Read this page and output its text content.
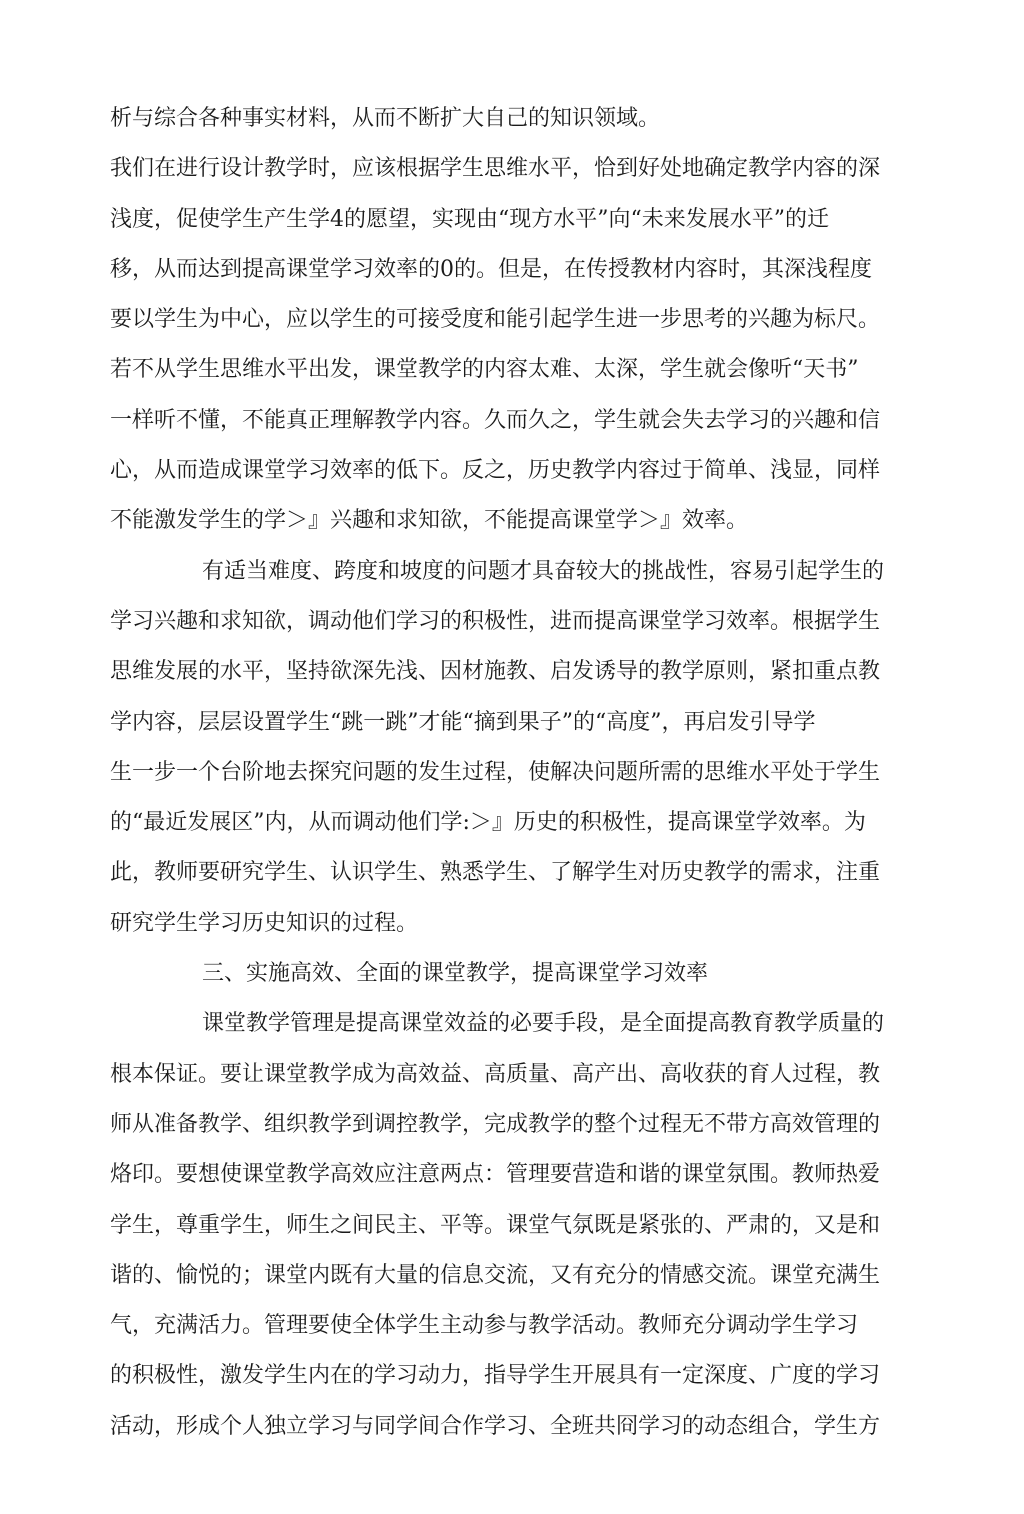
析与综合各种事实材料，从而不断扩大自己的知识领域。
我们在进行设计教学时，应该根据学生思维水平，恰到好处地确定教学内容的深
浅度，促使学生产生学4的愿望，实现由“现方水平”向“未来发展水平”的迁
移，从而达到提高课堂学习效率的0的。但是，在传授教材内容时，其深浅程度
要以学生为中心，应以学生的可接受度和能引起学生进一步思考的兴趣为标尺。
若不从学生思维水平出发，课堂教学的内容太难、太深，学生就会像听“天书”
一样听不懂，不能真正理解教学内容。久而久之，学生就会失去学习的兴趣和信
心，从而造成课堂学习效率的低下。反之，历史教学内容过于简单、浅显，同样
不能激发学生的学＞』兴趣和求知欲，不能提高课堂学＞』效率。
有适当难度、跨度和坡度的问题才具奋较大的挑战性，容易引起学生的
学习兴趣和求知欲，调动他们学习的积极性，进而提高课堂学习效率。根据学生
思维发展的水平，坚持欲深先浅、因材施教、启发诱导的教学原则，紧扣重点教
学内容，层层设置学生“跳一跳”才能“摘到果子”的“高度”，再启发引导学
生一步一个台阶地去探究问题的发生过程，使解决问题所需的思维水平处于学生
的“最近发展区”内，从而调动他们学:＞』历史的积极性，提高课堂学效率。为
此，教师要研究学生、认识学生、熟悉学生、了解学生对历史教学的需求，注重
研究学生学习历史知识的过程。
三、实施高效、全面的课堂教学，提高课堂学习效率
课堂教学管理是提高课堂效益的必要手段，是全面提高教育教学质量的
根本保证。要让课堂教学成为高效益、高质量、高产出、高收获的育人过程，教
师从准备教学、组织教学到调控教学，完成教学的整个过程无不带方高效管理的
烙印。要想使课堂教学高效应注意两点：管理要营造和谐的课堂氛围。教师热爱
学生，尊重学生，师生之间民主、平等。课堂气氛既是紧张的、严肃的，又是和
谐的、愉悦的；课堂内既有大量的信息交流，又有充分的情感交流。课堂充满生
气，充满活力。管理要使全体学生主动参与教学活动。教师充分调动学生学习
的积极性，激发学生内在的学习动力，指导学生开展具有一定深度、广度的学习
活动，形成个人独立学习与同学间合作学习、全班共冏学习的动态组合，学生方
